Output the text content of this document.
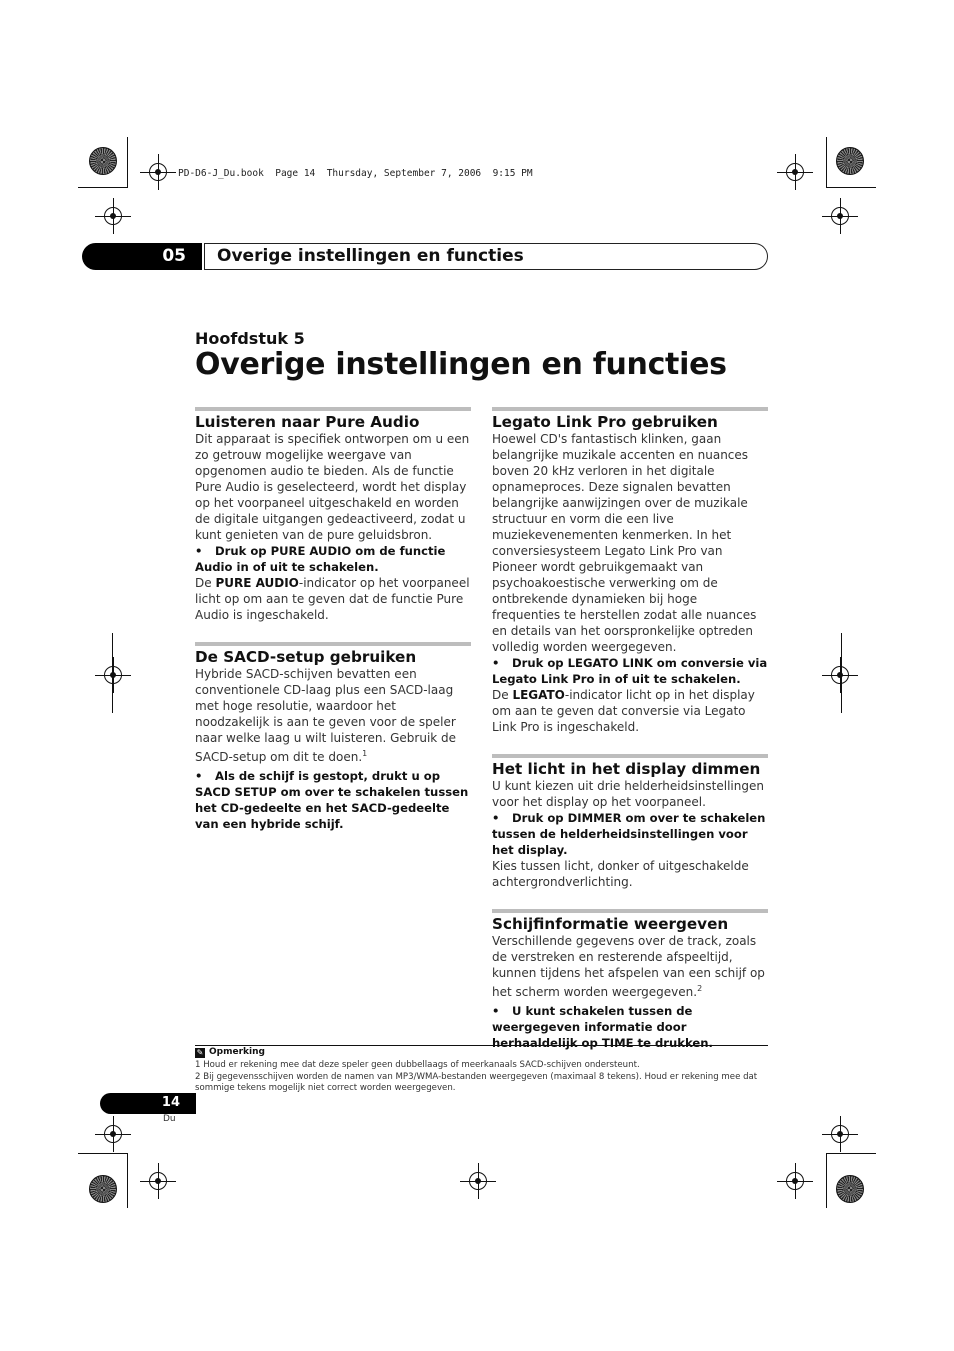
PD-D6-J_Du.book  Page 14  Thursday, September 7, 2006  9:15 PM
05 Overige instellingen en functies
Hoofdstuk 5
Overige instellingen en functies
Luisteren naar Pure Audio

Dit apparaat is specifiek ontworpen om u een zo getrouw mogelijke weergave van opgenomen audio te bieden. Als de functie Pure Audio is geselecteerd, wordt het display op het voorpaneel uitgeschakeld en worden de digitale uitgangen gedeactiveerd, zodat u kunt genieten van de pure geluidsbron.

• Druk op PURE AUDIO om de functie Audio in of uit te schakelen.

De PURE AUDIO-indicator op het voorpaneel licht op om aan te geven dat de functie Pure Audio is ingeschakeld.

De SACD-setup gebruiken

Hybride SACD-schijven bevatten een conventionele CD-laag plus een SACD-laag met hoge resolutie, waardoor het noodzakelijk is aan te geven voor de speler naar welke laag u wilt luisteren. Gebruik de SACD-setup om dit te doen.$^1$

• Als de schijf is gestopt, drukt u op SACD SETUP om over te schakelen tussen het CD-gedeelte en het SACD-gedeelte van een hybride schijf.

Legato Link Pro gebruiken

Hoewel CD's fantastisch klinken, gaan belangrijke muzikale accenten en nuances boven 20 kHz verloren in het digitale opnameproces. Deze signalen bevatten belangrijke aanwijzingen over de muzikale structuur en vorm die een live muziekevenementen kenmerken. In het conversiesysteem Legato Link Pro van Pioneer wordt gebruikgemaakt van psychoakoestische verwerking om de ontbrekende dynamieken bij hoge frequenties te herstellen zodat alle nuances en details van het oorspronkelijke optreden volledig worden weergegeven.

• Druk op LEGATO LINK om conversie via Legato Link Pro in of uit te schakelen.

De LEGATO-indicator licht op in het display om aan te geven dat conversie via Legato Link Pro is ingeschakeld.

Het licht in het display dimmen

U kunt kiezen uit drie helderheidsinstellingen voor het display op het voorpaneel.

• Druk op DIMMER om over te schakelen tussen de helderheidsinstellingen voor het display.

Kies tussen licht, donker of uitgeschakelde achtergrondverlichting.

Schijfinformatie weergeven

Verschillende gegevens over de track, zoals de verstreken en resterende afspeeltijd, kunnen tijdens het afspelen van een schijf op het scherm worden weergegeven.$^2$

• U kunt schakelen tussen de weergegeven informatie door herhaaldelijk op TIME te drukken.

✎ Opmerking
1 Houd er rekening mee dat deze speler geen dubbellaags of meerkanaals SACD-schijven ondersteunt.
2 Bij gegevensschijven worden de namen van MP3/WMA-bestanden weergegeven (maximaal 8 tekens). Houd er rekening mee dat sommige tekens mogelijk niet correct worden weergegeven.
14
Du
